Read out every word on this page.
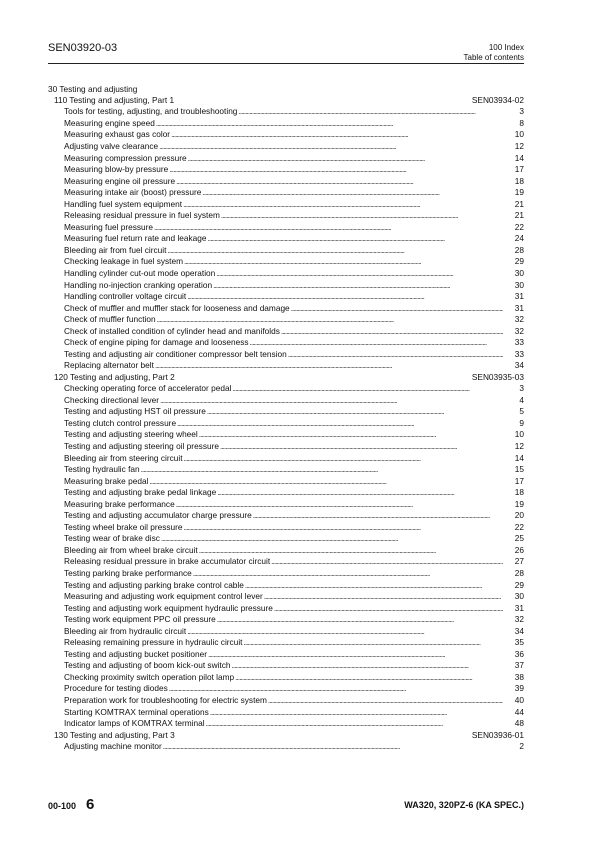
SEN03920-03	100 Index
Table of contents
30 Testing and adjusting
110 Testing and adjusting, Part 1	SEN03934-02
Tools for testing, adjusting, and troubleshooting . . .	3
Measuring engine speed . . .	8
Measuring exhaust gas color . . .	10
Adjusting valve clearance . . .	12
Measuring compression pressure . . .	14
Measuring blow-by pressure . . .	17
Measuring engine oil pressure . . .	18
Measuring intake air (boost) pressure . . .	19
Handling fuel system equipment . . .	21
Releasing residual pressure in fuel system . . .	21
Measuring fuel pressure . . .	22
Measuring fuel return rate and leakage . . .	24
Bleeding air from fuel circuit . . .	28
Checking leakage in fuel system . . .	29
Handling cylinder cut-out mode operation . . .	30
Handling no-injection cranking operation . . .	30
Handling controller voltage circuit . . .	31
Check of muffler and muffler stack for looseness and damage . . .	31
Check of muffler function . . .	32
Check of installed condition of cylinder head and manifolds . . .	32
Check of engine piping for damage and looseness . . .	33
Testing and adjusting air conditioner compressor belt tension . . .	33
Replacing alternator belt . . .	34
120 Testing and adjusting, Part 2	SEN03935-03
Checking operating force of accelerator pedal . . .	3
Checking directional lever . . .	4
Testing and adjusting HST oil pressure . . .	5
Testing clutch control pressure . . .	9
Testing and adjusting steering wheel . . .	10
Testing and adjusting steering oil pressure . . .	12
Bleeding air from steering circuit . . .	14
Testing hydraulic fan . . .	15
Measuring brake pedal . . .	17
Testing and adjusting brake pedal linkage . . .	18
Measuring brake performance . . .	19
Testing and adjusting accumulator charge pressure . . .	20
Testing wheel brake oil pressure . . .	22
Testing wear of brake disc . . .	25
Bleeding air from wheel brake circuit . . .	26
Releasing residual pressure in brake accumulator circuit . . .	27
Testing parking brake performance . . .	28
Testing and adjusting parking brake control cable . . .	29
Measuring and adjusting work equipment control lever . . .	30
Testing and adjusting work equipment hydraulic pressure . . .	31
Testing work equipment PPC oil pressure . . .	32
Bleeding air from hydraulic circuit . . .	34
Releasing remaining pressure in hydraulic circuit . . .	35
Testing and adjusting bucket positioner . . .	36
Testing and adjusting of boom kick-out switch . . .	37
Checking proximity switch operation pilot lamp . . .	38
Procedure for testing diodes . . .	39
Preparation work for troubleshooting for electric system . . .	40
Starting KOMTRAX terminal operations . . .	44
Indicator lamps of KOMTRAX terminal . . .	48
130 Testing and adjusting, Part 3	SEN03936-01
Adjusting machine monitor . . .	2
00-100 6	WA320, 320PZ-6 (KA SPEC.)
